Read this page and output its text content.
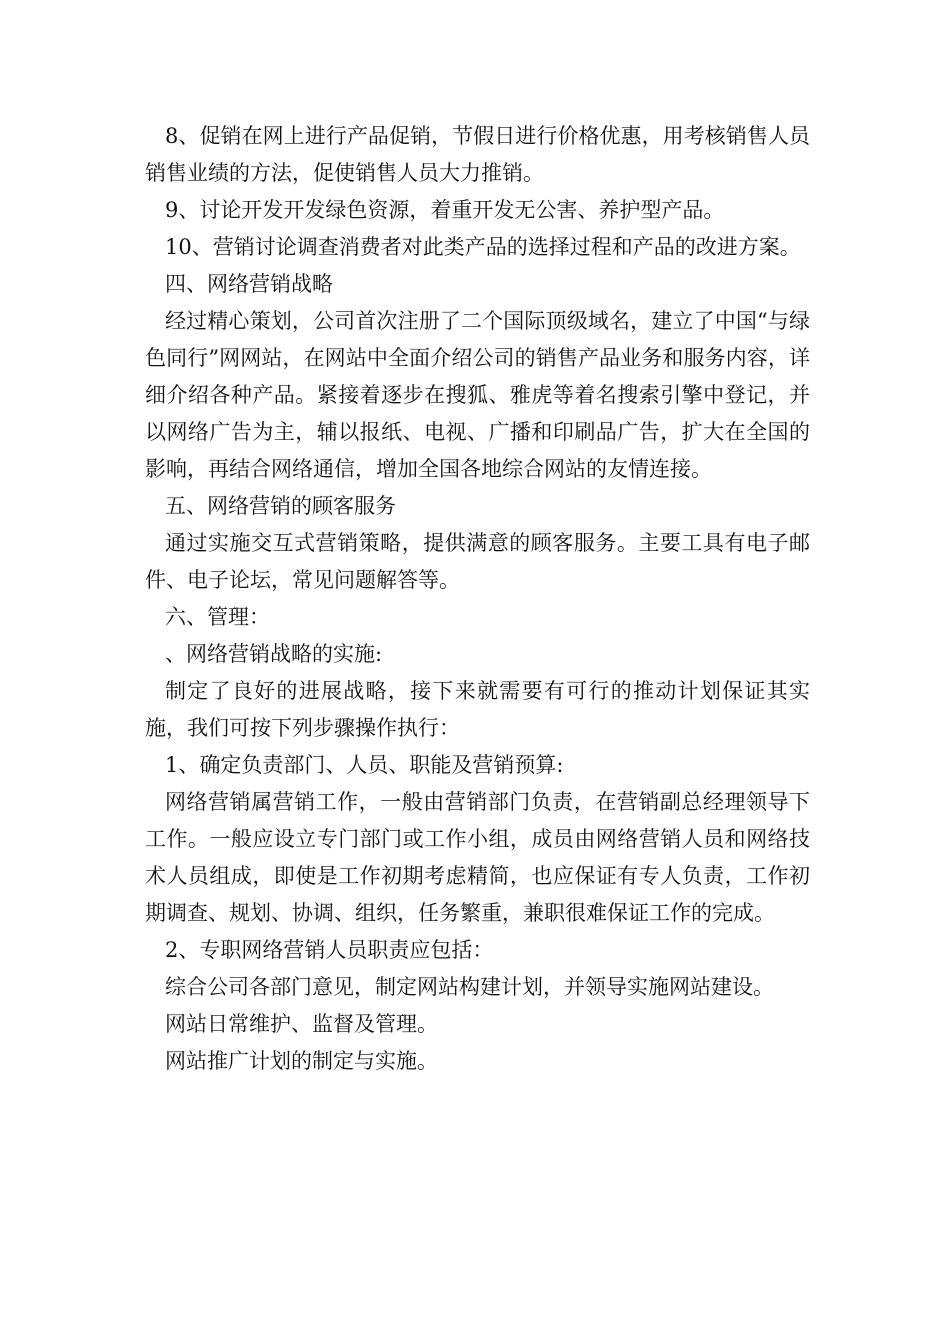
8、促销在网上进行产品促销，节假日进行价格优惠，用考核销售人员销售业绩的方法，促使销售人员大力推销。

9、讨论开发开发绿色资源，着重开发无公害、养护型产品。

10、营销讨论调查消费者对此类产品的选择过程和产品的改进方案。

四、网络营销战略

经过精心策划，公司首次注册了二个国际顶级域名，建立了中国“与绿色同行”网网站，在网站中全面介绍公司的销售产品业务和服务内容，详细介绍各种产品。紧接着逐步在搜狐、雅虎等着名搜索引擎中登记，并以网络广告为主，辅以报纸、电视、广播和印刷品广告，扩大在全国的影响，再结合网络通信，增加全国各地综合网站的友情连接。

五、网络营销的顾客服务

通过实施交互式营销策略，提供满意的顾客服务。主要工具有电子邮件、电子论坛，常见问题解答等。

六、管理：

、网络营销战略的实施:

制定了良好的进展战略，接下来就需要有可行的推动计划保证其实施，我们可按下列步骤操作执行：

1、确定负责部门、人员、职能及营销预算:

网络营销属营销工作，一般由营销部门负责，在营销副总经理领导下工作。一般应设立专门部门或工作小组，成员由网络营销人员和网络技术人员组成，即使是工作初期考虑精简，也应保证有专人负责，工作初期调查、规划、协调、组织，任务繁重，兼职很难保证工作的完成。

2、专职网络营销人员职责应包括：

综合公司各部门意见，制定网站构建计划，并领导实施网站建设。

网站日常维护、监督及管理。

网站推广计划的制定与实施。
